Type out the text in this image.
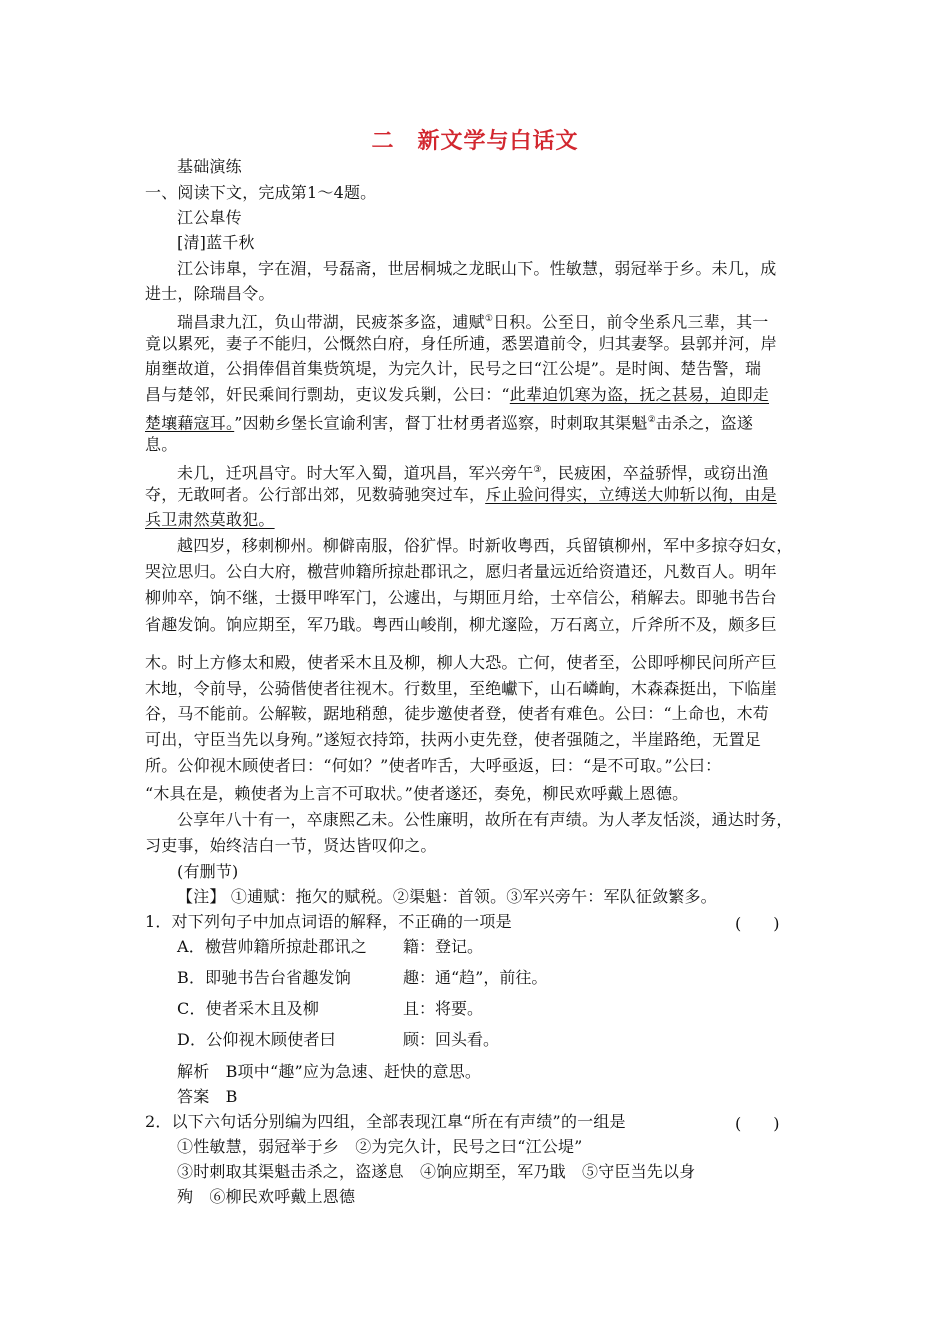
二　新文学与白话文
基础演练
一、阅读下文，完成第1～4题。
江公臯传
[清]蓝千秋
江公讳臯，字在湄，号磊斋，世居桐城之龙眠山下。性敏慧，弱冠举于乡。未几，成
进士，除瑞昌令。
瑞昌隶九江，负山带湖，民疲茶多盗，逋赋①日积。公至日，前令坐系凡三辈，其一
竟以累死，妻子不能归，公慨然白府，身任所逋，悉罢遣前令，归其妻孥。县郭并河，岸
崩壅故道，公捐俸倡首集赀筑堤，为完久计，民号之曰“江公堤”。是时闽、楚告警，瑞
昌与楚邻，奸民乘间行剽劫，吏议发兵剿，公曰：“此辈迫饥寒为盗，抚之甚易，迫即走
楚壤藉寇耳。”因勅乡堡长宣谕利害，督丁壮材勇者巡察，时刺取其渠魁②击杀之，盗遂
息。
未几，迁巩昌守。时大军入蜀，道巩昌，军兴旁午③，民疲困，卒益骄悍，或窃出渔
夺，无敢呵者。公行部出郊，见数骑驰突过车，斥止验问得实，立缚送大帅斩以徇，由是
兵卫肃然莫敢犯。
越四岁，移刺柳州。柳僻南服，俗犷悍。时新收粤西，兵留镇柳州，军中多掠夺妇女，
哭泣思归。公白大府，檄营帅籍所掠赴郡讯之，愿归者量远近给资遣还，凡数百人。明年
柳帅卒，饷不继，士摄甲哗军门，公遽出，与期匝月给，士卒信公，稍解去。即驰书告台
省趣发饷。饷应期至，军乃戢。粤西山峻削，柳尤邃险，万石离立，斤斧所不及，颇多巨
木。时上方修太和殿，使者采木且及柳，柳人大恐。亡何，使者至，公即呼柳民问所产巨
木地，令前导，公骑偕使者往视木。行数里，至绝巘下，山石嶙峋，木森森挺出，下临崖
谷，马不能前。公解鞍，踞地稍憩，徒步邀使者登，使者有难色。公曰：“上命也，木苟
可出，守臣当先以身殉。”遂短衣持笻，扶两小吏先登，使者强随之，半崖路绝，无置足
所。公仰视木顾使者曰：“何如？”使者咋舌，大呼亟返，曰：“是不可取。”公曰：
“木具在是，赖使者为上言不可取状。”使者遂还，奏免，柳民欢呼戴上恩德。
公享年八十有一，卒康熙乙未。公性廉明，故所在有声绩。为人孝友恬淡，通达时务，
习吏事，始终洁白一节，贤达皆叹仰之。
(有删节)
【注】 ①逋赋：拖欠的赋税。②渠魁：首领。③军兴旁午：军队征敛繁多。
1．对下列句子中加点词语的解释，不正确的一项是	(　　)
A．檄营帅籍所掠赴郡讯之 籍：登记。
B．即驰书告台省趣发饷	趣：通“趋”，前往。
C．使者采木且及柳	且：将要。
D．公仰视木顾使者曰	顾：回头看。
解析　B项中“趣”应为急速、赶快的意思。
答案　B
2．以下六句话分别编为四组，全部表现江臯“所在有声绩”的一组是	(　　)
①性敏慧，弱冠举于乡　②为完久计，民号之曰“江公堤”
③时刺取其渠魁击杀之，盗遂息　④饷应期至，军乃戢　⑤守臣当先以身
殉　⑥柳民欢呼戴上恩德
